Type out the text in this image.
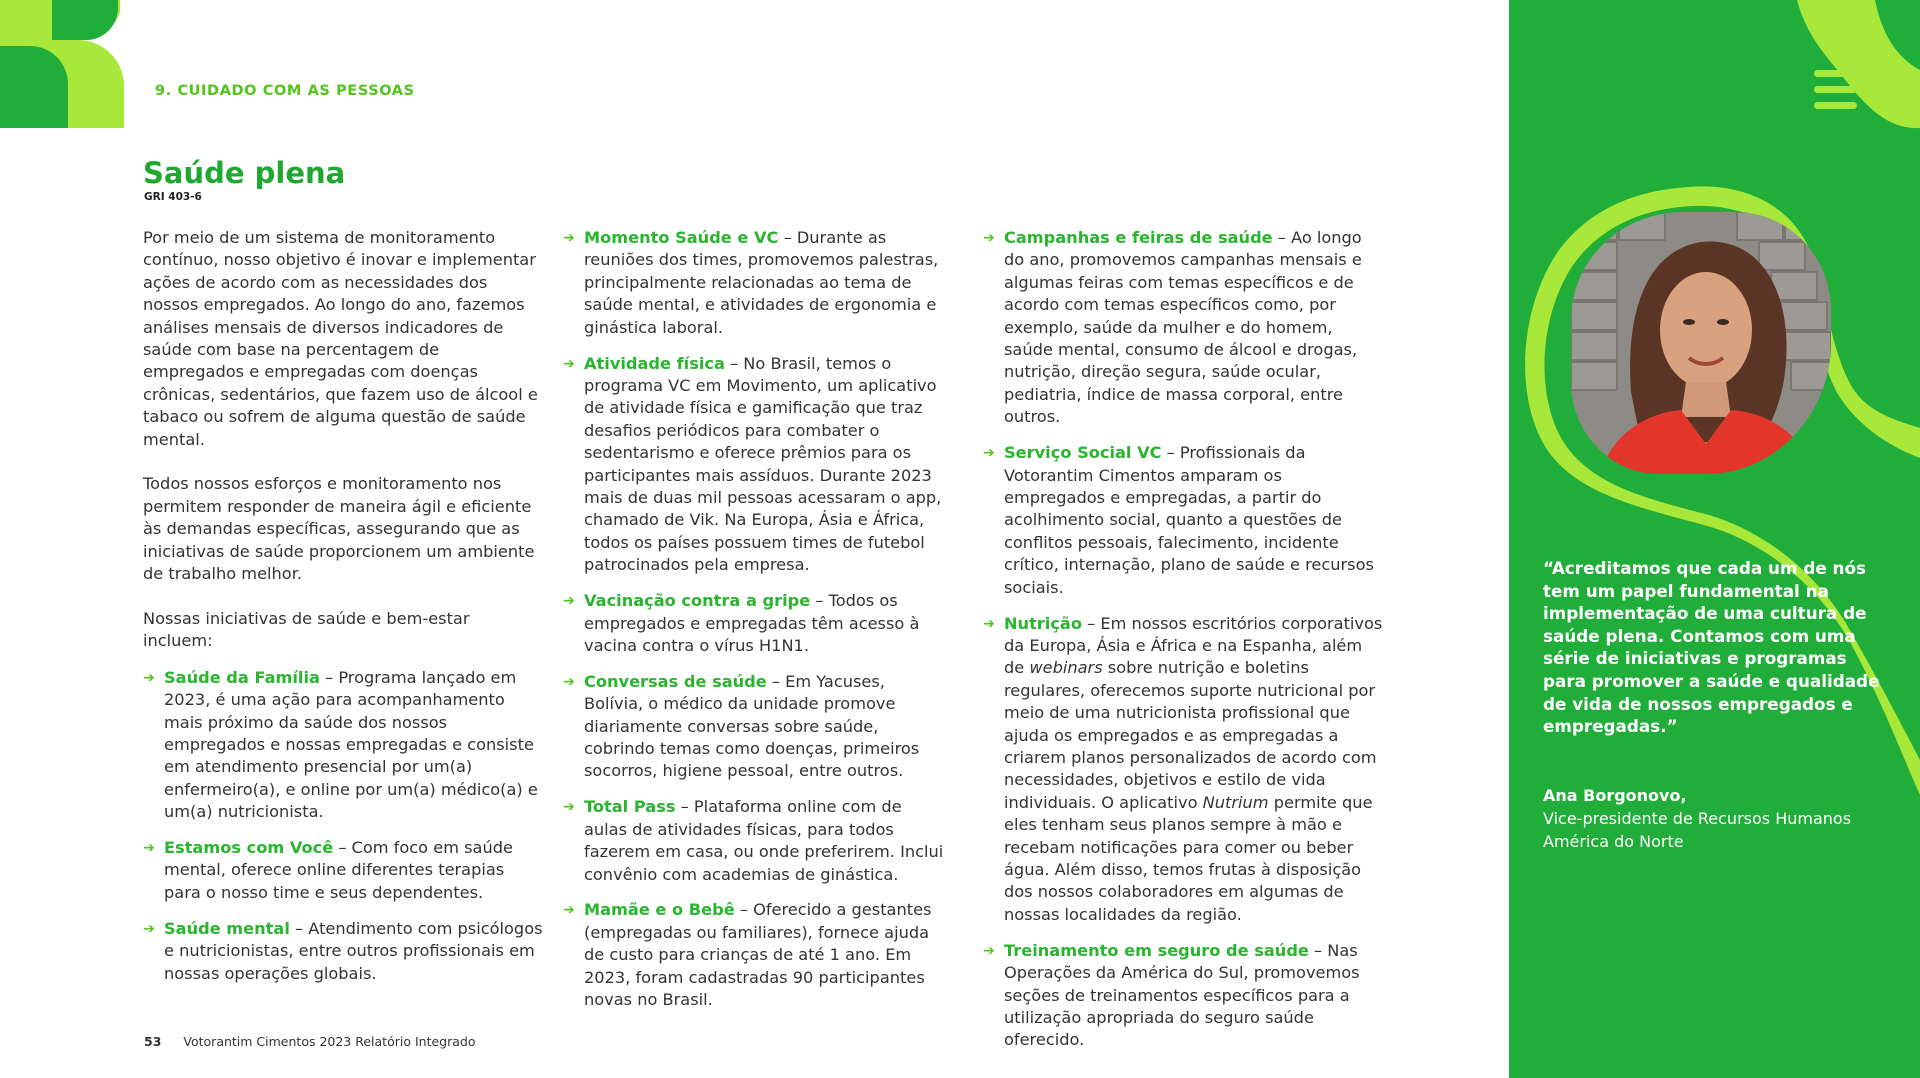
9. CUIDADO COM AS PESSOAS
Saúde plena
GRI 403-6

Por meio de um sistema de monitoramento contínuo, nosso objetivo é inovar e implementar ações de acordo com as necessidades dos nossos empregados. Ao longo do ano, fazemos análises mensais de diversos indicadores de saúde com base na percentagem de empregados e empregadas com doenças crônicas, sedentários, que fazem uso de álcool e tabaco ou sofrem de alguma questão de saúde mental.

Todos nossos esforços e monitoramento nos permitem responder de maneira ágil e eficiente às demandas específicas, assegurando que as iniciativas de saúde proporcionem um ambiente de trabalho melhor.

Nossas iniciativas de saúde e bem-estar incluem:

➔ Saúde da Família – Programa lançado em 2023, é uma ação para acompanhamento mais próximo da saúde dos nossos empregados e nossas empregadas e consiste em atendimento presencial por um(a) enfermeiro(a), e online por um(a) médico(a) e um(a) nutricionista.
➔ Estamos com Você – Com foco em saúde mental, oferece online diferentes terapias para o nosso time e seus dependentes.
➔ Saúde mental – Atendimento com psicólogos e nutricionistas, entre outros profissionais em nossas operações globais.
➔ Momento Saúde e VC – Durante as reuniões dos times, promovemos palestras, principalmente relacionadas ao tema de saúde mental, e atividades de ergonomia e ginástica laboral.
➔ Atividade física – No Brasil, temos o programa VC em Movimento, um aplicativo de atividade física e gamificação que traz desafios periódicos para combater o sedentarismo e oferece prêmios para os participantes mais assíduos. Durante 2023 mais de duas mil pessoas acessaram o app, chamado de Vik. Na Europa, Ásia e África, todos os países possuem times de futebol patrocinados pela empresa.
➔ Vacinação contra a gripe – Todos os empregados e empregadas têm acesso à vacina contra o vírus H1N1.
➔ Conversas de saúde – Em Yacuses, Bolívia, o médico da unidade promove diariamente conversas sobre saúde, cobrindo temas como doenças, primeiros socorros, higiene pessoal, entre outros.
➔ Total Pass – Plataforma online com de aulas de atividades físicas, para todos fazerem em casa, ou onde preferirem. Inclui convênio com academias de ginástica.
➔ Mamãe e o Bebê – Oferecido a gestantes (empregadas ou familiares), fornece ajuda de custo para crianças de até 1 ano. Em 2023, foram cadastradas 90 participantes novas no Brasil.
➔ Campanhas e feiras de saúde – Ao longo do ano, promovemos campanhas mensais e algumas feiras com temas específicos e de acordo com temas específicos como, por exemplo, saúde da mulher e do homem, saúde mental, consumo de álcool e drogas, nutrição, direção segura, saúde ocular, pediatria, índice de massa corporal, entre outros.
➔ Serviço Social VC – Profissionais da Votorantim Cimentos amparam os empregados e empregadas, a partir do acolhimento social, quanto a questões de conflitos pessoais, falecimento, incidente crítico, internação, plano de saúde e recursos sociais.
➔ Nutrição – Em nossos escritórios corporativos da Europa, Ásia e África e na Espanha, além de webinars sobre nutrição e boletins regulares, oferecemos suporte nutricional por meio de uma nutricionista profissional que ajuda os empregados e as empregadas a criarem planos personalizados de acordo com necessidades, objetivos e estilo de vida individuais. O aplicativo Nutrium permite que eles tenham seus planos sempre à mão e recebam notificações para comer ou beber água. Além disso, temos frutas à disposição dos nossos colaboradores em algumas de nossas localidades da região.
➔ Treinamento em seguro de saúde – Nas Operações da América do Sul, promovemos seções de treinamentos específicos para a utilização apropriada do seguro saúde oferecido.
53 Votorantim Cimentos 2023 Relatório Integrado

“Acreditamos que cada um de nós tem um papel fundamental na implementação de uma cultura de saúde plena. Contamos com uma série de iniciativas e programas para promover a saúde e qualidade de vida de nossos empregados e empregadas.”

Ana Borgonovo,
Vice-presidente de Recursos Humanos América do Norte
